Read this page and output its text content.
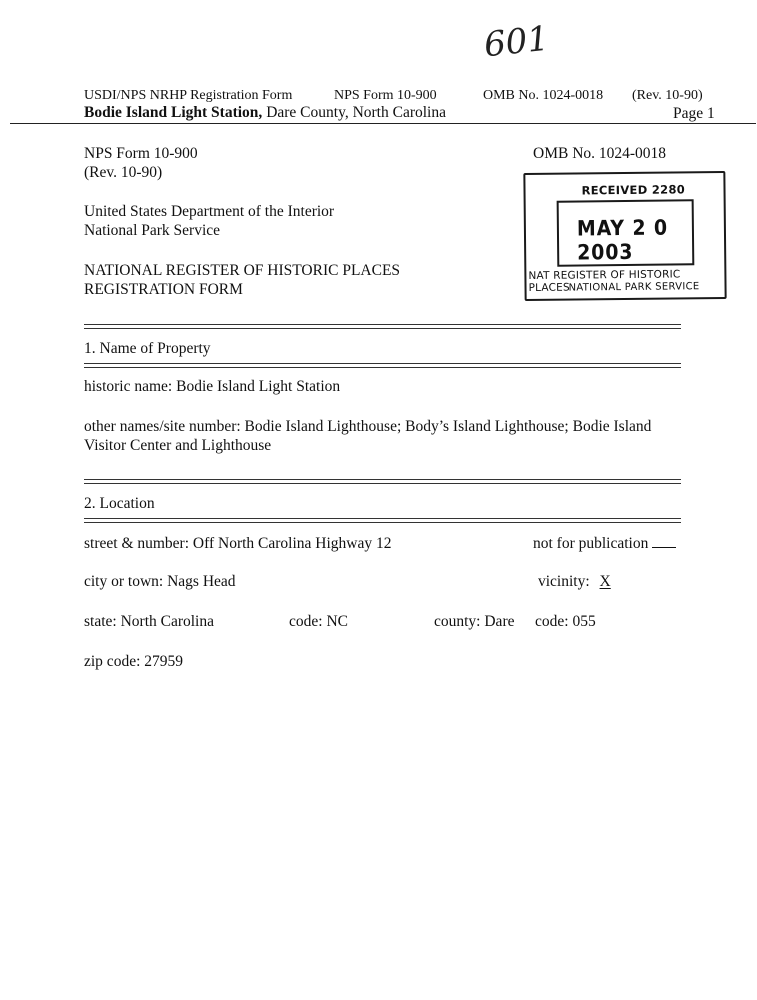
601
USDI/NPS NRHP Registration Form	NPS Form 10-900	OMB No. 1024-0018 (Rev. 10-90)
Bodie Island Light Station, Dare County, North Carolina	Page 1
NPS Form 10-900
(Rev. 10-90)
OMB No. 1024-0018
United States Department of the Interior
National Park Service
NATIONAL REGISTER OF HISTORIC PLACES
REGISTRATION FORM
RECEIVED 2280
MAY 2 0 2003
NAT REGISTER OF HISTORIC PLACES
NATIONAL PARK SERVICE
1. Name of Property
historic name: Bodie Island Light Station
other names/site number: Bodie Island Lighthouse; Body’s Island Lighthouse; Bodie Island
Visitor Center and Lighthouse
2. Location
street & number: Off North Carolina Highway 12	not for publication
city or town: Nags Head	vicinity: X
state: North Carolina	code: NC	county: Dare code: 055
zip code: 27959
